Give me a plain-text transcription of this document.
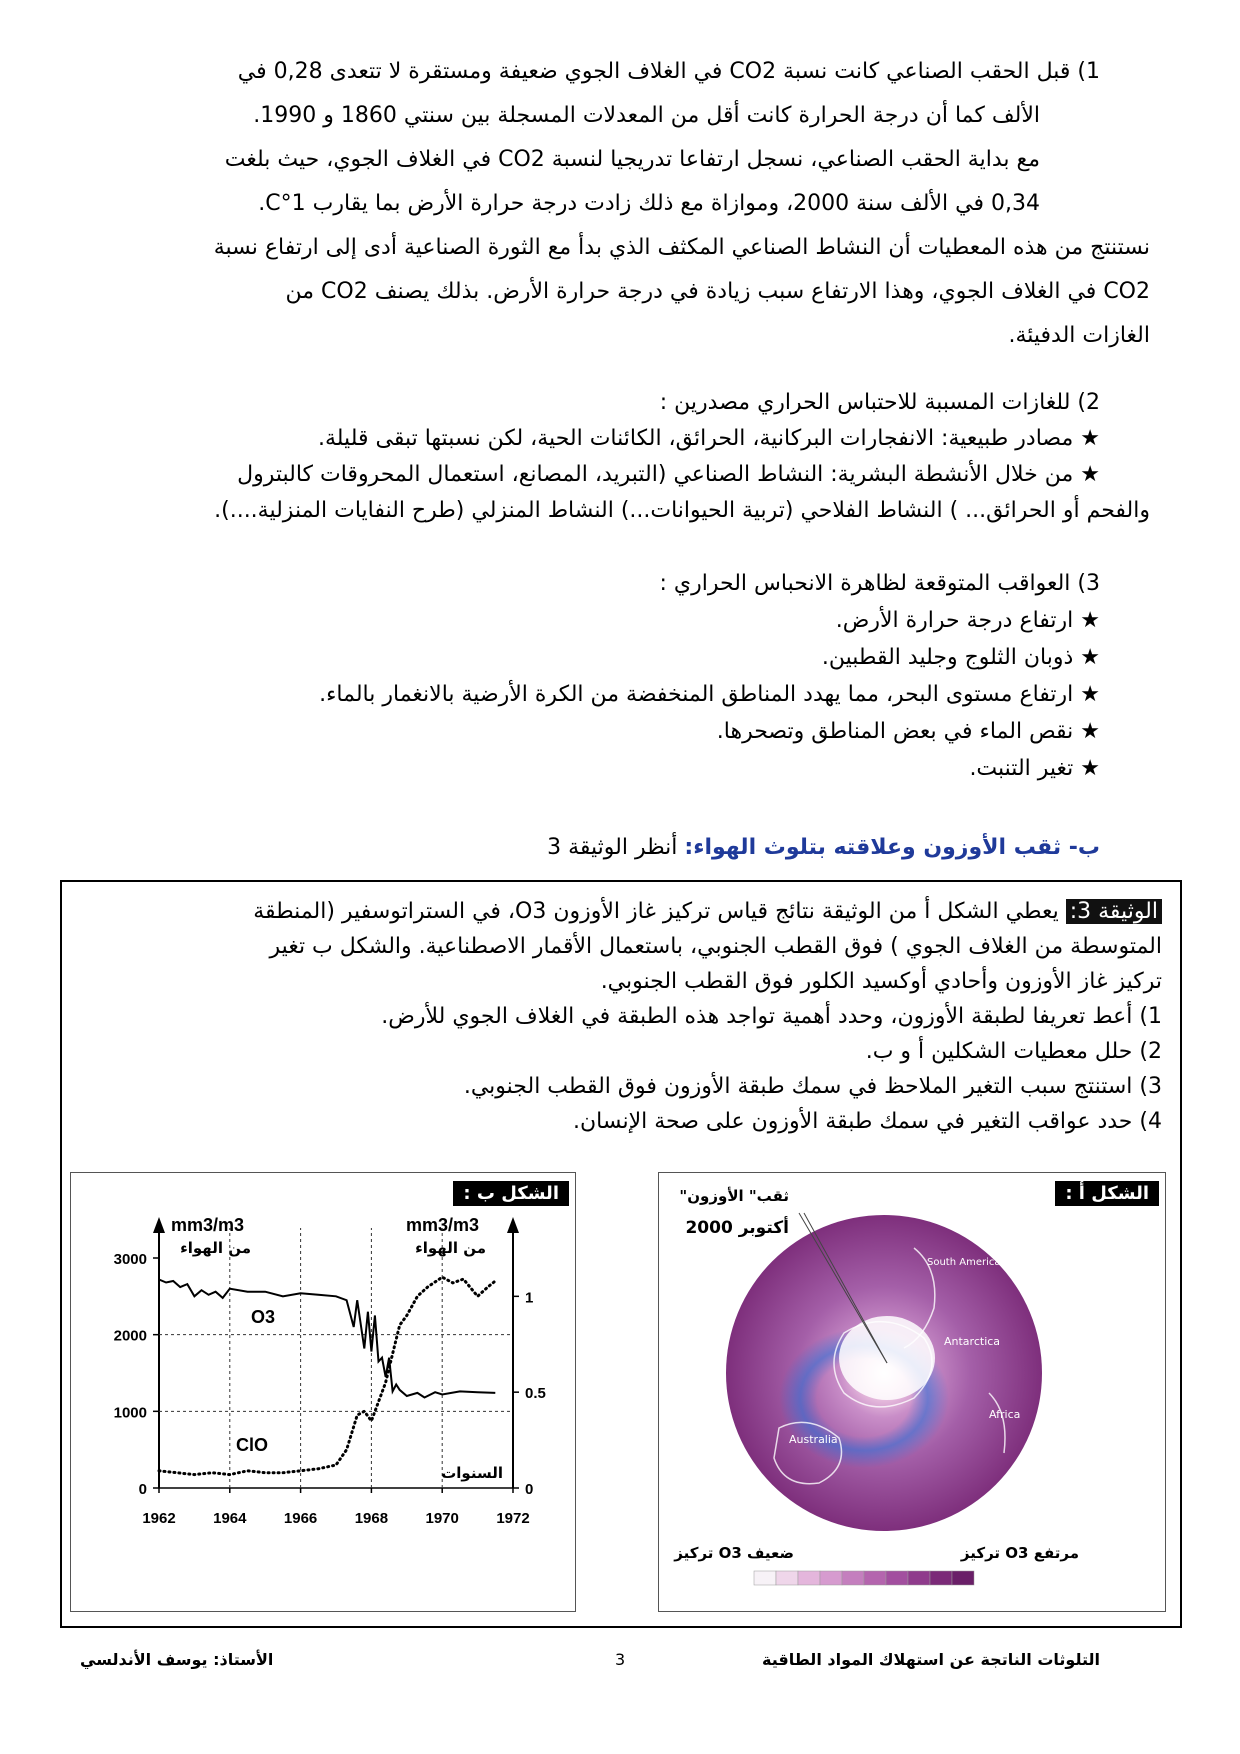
1) قبل الحقب الصناعي كانت نسبة CO2 في الغلاف الجوي ضعيفة ومستقرة لا تتعدى 0,28 في
الألف كما أن درجة الحرارة كانت أقل من المعدلات المسجلة بين سنتي 1860 و 1990.
مع بداية الحقب الصناعي، نسجل ارتفاعا تدريجيا لنسبة CO2 في الغلاف الجوي، حيث بلغت
0,34 في الألف سنة 2000، وموازاة مع ذلك زادت درجة حرارة الأرض بما يقارب 1°C.
نستنتج من هذه المعطيات أن النشاط الصناعي المكثف الذي بدأ مع الثورة الصناعية أدى إلى ارتفاع نسبة
CO2 في الغلاف الجوي، وهذا الارتفاع سبب زيادة في درجة حرارة الأرض. بذلك يصنف CO2 من
الغازات الدفيئة.
2) للغازات المسببة للاحتباس الحراري مصدرين :
★ مصادر طبيعية: الانفجارات البركانية، الحرائق، الكائنات الحية، لكن نسبتها تبقى قليلة.
★ من خلال الأنشطة البشرية: النشاط الصناعي (التبريد، المصانع، استعمال المحروقات كالبترول
والفحم أو الحرائق... ) النشاط الفلاحي (تربية الحيوانات...) النشاط المنزلي (طرح النفايات المنزلية....).
3) العواقب المتوقعة لظاهرة الانحباس الحراري :
★ ارتفاع درجة حرارة الأرض.
★ ذوبان الثلوج وجليد القطبين.
★ ارتفاع مستوى البحر، مما يهدد المناطق المنخفضة من الكرة الأرضية بالانغمار بالماء.
★ نقص الماء في بعض المناطق وتصحرها.
★ تغير التنبت.
ب- ثقب الأوزون وعلاقته بتلوث الهواء: أنظر الوثيقة 3
الوثيقة 3: يعطي الشكل أ من الوثيقة نتائج قياس تركيز غاز الأوزون O3، في الستراتوسفير (المنطقة
المتوسطة من الغلاف الجوي ) فوق القطب الجنوبي، باستعمال الأقمار الاصطناعية. والشكل ب تغير
تركيز غاز الأوزون وأحادي أوكسيد الكلور فوق القطب الجنوبي.
1) أعط تعريفا لطبقة الأوزون، وحدد أهمية تواجد هذه الطبقة في الغلاف الجوي للأرض.
2) حلل معطيات الشكلين أ و ب.
3) استنتج سبب التغير الملاحظ في سمك طبقة الأوزون فوق القطب الجنوبي.
4) حدد عواقب التغير في سمك طبقة الأوزون على صحة الإنسان.
الشكل أ :
"ثقب" الأوزون
أكتوبر 2000
South America
Antarctica
Africa
Australia
تركيز O3 مرتفع
تركيز O3 ضعيف
الشكل ب :
mm3/m3
من الهواء
mm3/m3
من الهواء
3000
2000
1000
0
1
0.5
0
1962 1964 1966 1968 1970 1972
O3
ClO
السنوات
الأستاذ: يوسف الأندلسي	3	التلوثات الناتجة عن استهلاك المواد الطاقية
